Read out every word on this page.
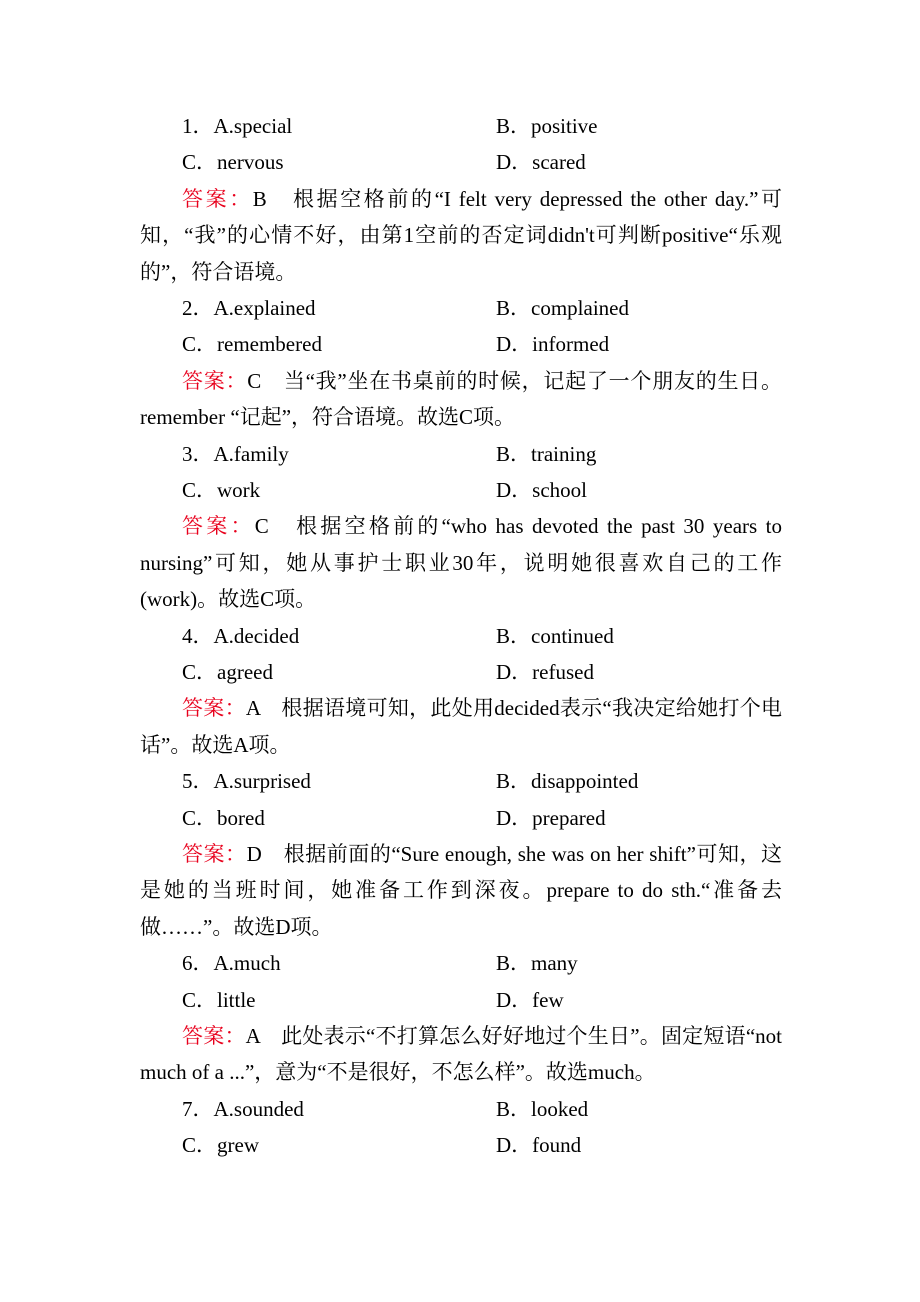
1．A.special	B．positive
C．nervous	D．scared
答案：B　根据空格前的“I felt very depressed the other day.”可知，“我”的心情不好，由第1空前的否定词didn't可判断positive“乐观的”，符合语境。
2．A.explained	B．complained
C．remembered	D．informed
答案：C　当“我”坐在书桌前的时候，记起了一个朋友的生日。remember “记起”，符合语境。故选C项。
3．A.family	B．training
C．work	D．school
答案：C　根据空格前的“who has devoted the past 30 years to nursing”可知，她从事护士职业30年，说明她很喜欢自己的工作(work)。故选C项。
4．A.decided	B．continued
C．agreed	D．refused
答案：A　根据语境可知，此处用decided表示“我决定给她打个电话”。故选A项。
5．A.surprised	B．disappointed
C．bored	D．prepared
答案：D　根据前面的“Sure enough, she was on her shift”可知，这是她的当班时间，她准备工作到深夜。prepare to do sth.“准备去做……”。故选D项。
6．A.much	B．many
C．little	D．few
答案：A　此处表示“不打算怎么好好地过个生日”。固定短语“not much of a ...”，意为“不是很好，不怎么样”。故选much。
7．A.sounded	B．looked
C．grew	D．found
